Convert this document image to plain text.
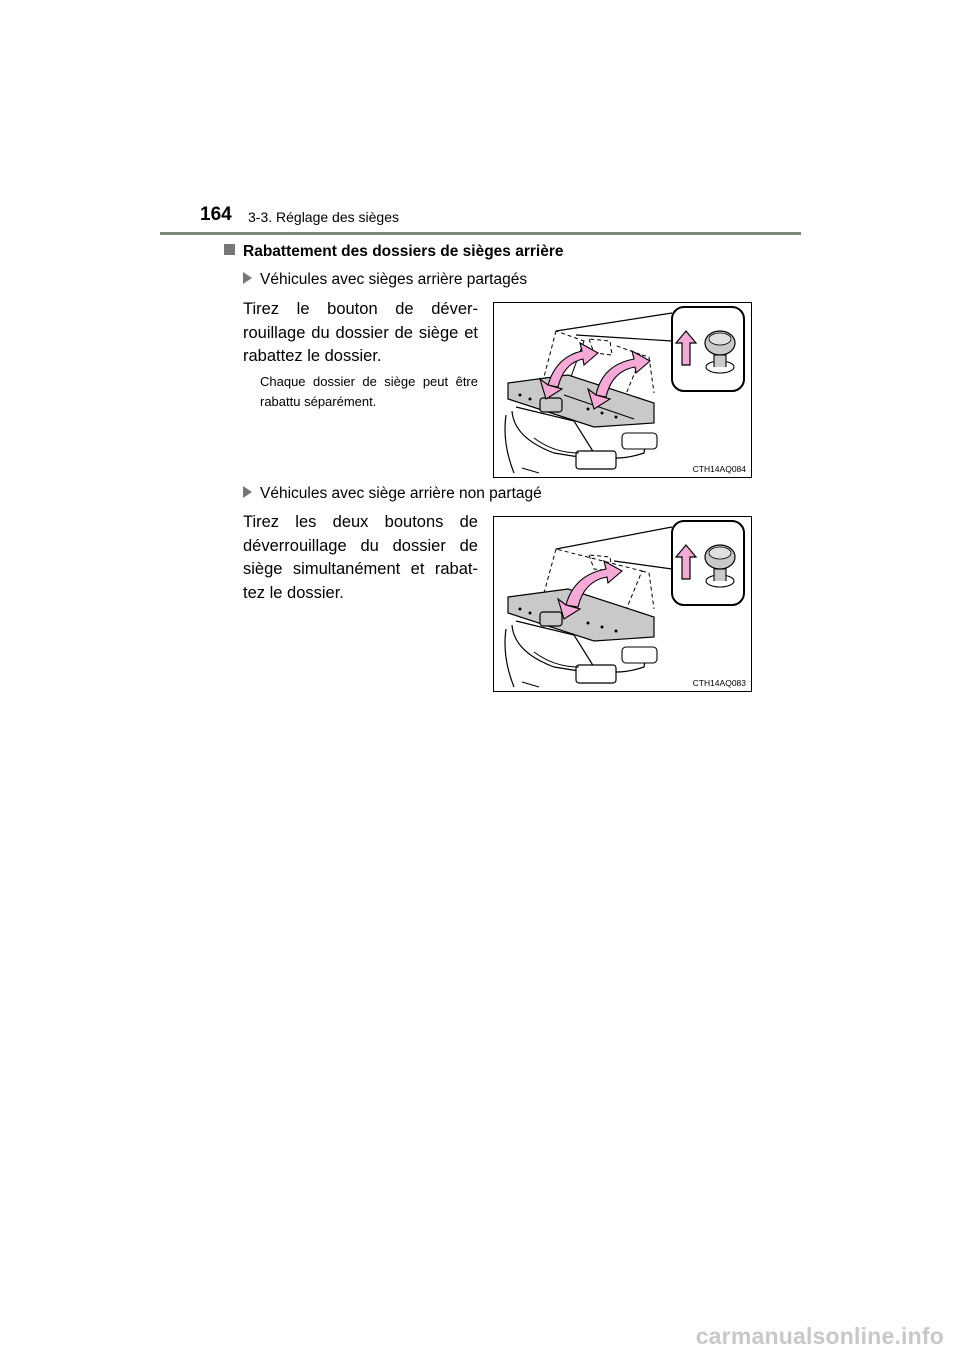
164 3-3. Réglage des sièges
Rabattement des dossiers de sièges arrière
Véhicules avec sièges arrière partagés
Tirez le bouton de déver-rouillage du dossier de siège et rabattez le dossier.
Chaque dossier de siège peut être rabattu séparément.
CTH14AQ084
Véhicules avec siège arrière non partagé
Tirez les deux boutons de déverrouillage du dossier de siège simultanément et rabat-tez le dossier.
CTH14AQ083
carmanualsonline.info
